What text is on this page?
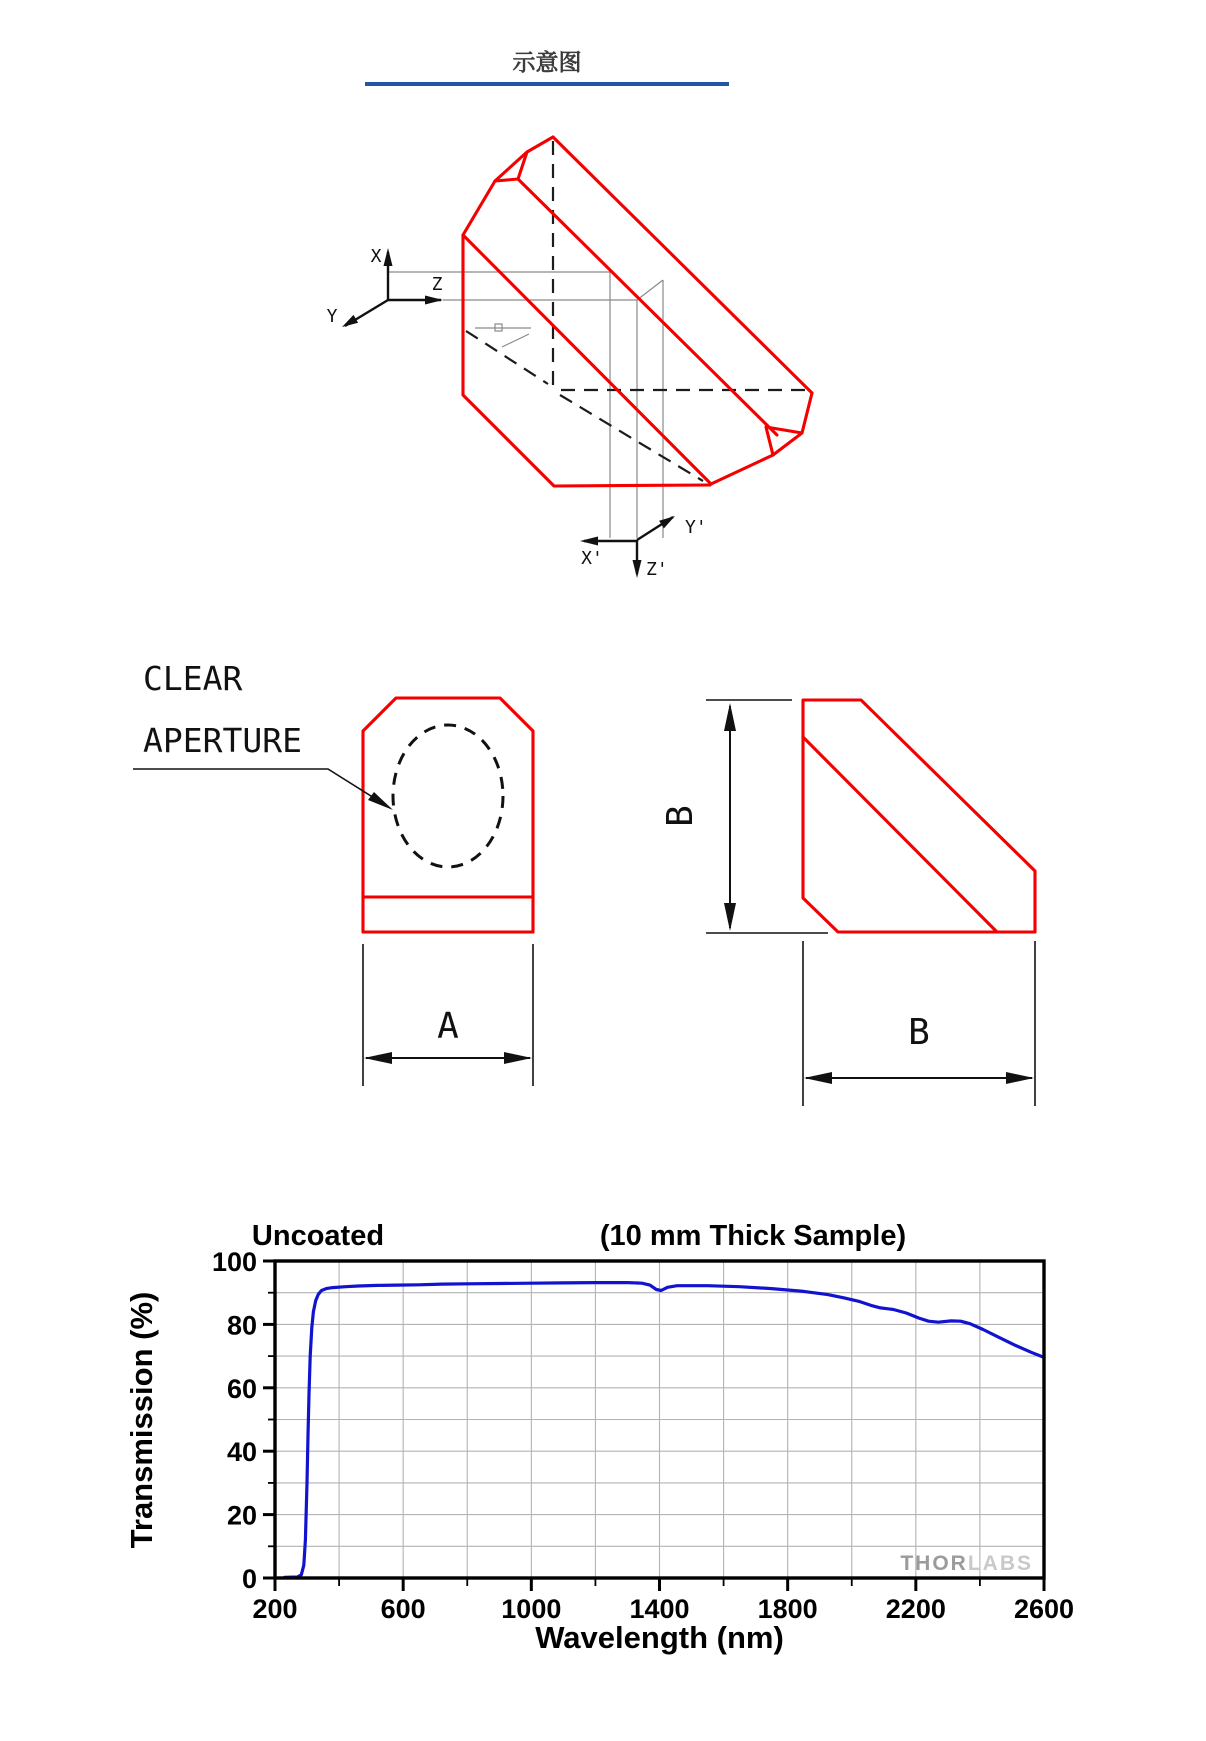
示意图
X
Z
Y
X'
Y'
Z'
CLEAR
APERTURE
A
B
B
THORLABS
200	600	1000	1400	1800	2200	2600
0
20
40
60
80
100
Uncoated	(10 mm Thick Sample)
Wavelength (nm)
Transmission (%)
